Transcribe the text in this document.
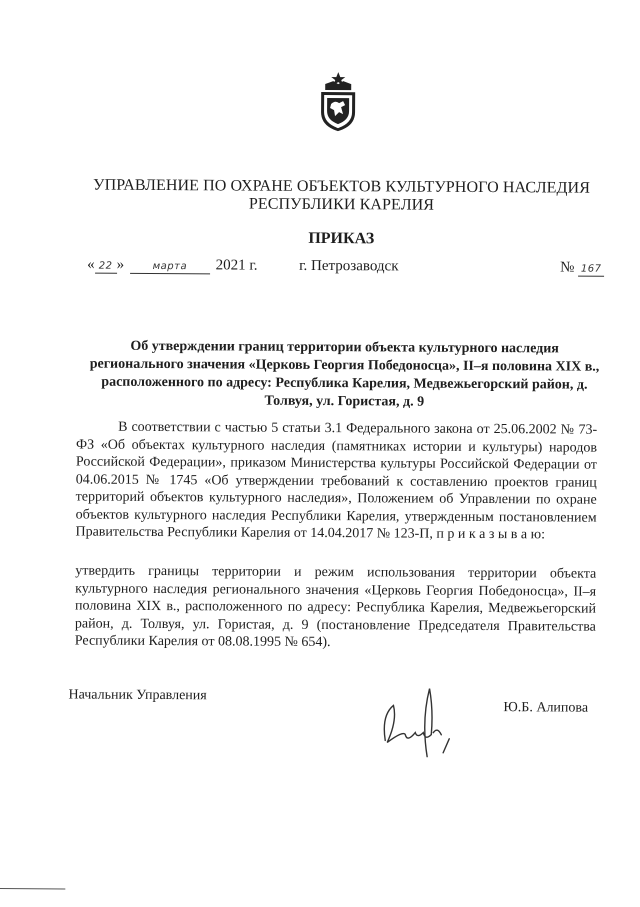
УПРАВЛЕНИЕ ПО ОХРАНЕ ОБЪЕКТОВ КУЛЬТУРНОГО НАСЛЕДИЯ
РЕСПУБЛИКИ КАРЕЛИЯ
ПРИКАЗ
« 22 » марта 2021 г.	г. Петрозаводск	№ 167
Об утверждении границ территории объекта культурного наследия регионального значения «Церковь Георгия Победоносца», II–я половина XIX в., расположенного по адресу: Республика Карелия, Медвежьегорский район, д. Толвуя, ул. Гористая, д. 9
В соответствии с частью 5 статьи 3.1 Федерального закона от 25.06.2002 № 73-ФЗ «Об объектах культурного наследия (памятниках истории и культуры) народов Российской Федерации», приказом Министерства культуры Российской Федерации от 04.06.2015 № 1745 «Об утверждении требований к составлению проектов границ территорий объектов культурного наследия», Положением об Управлении по охране объектов культурного наследия Республики Карелия, утвержденным постановлением Правительства Республики Карелия от 14.04.2017 № 123-П, п р и к а з ы в а ю:
утвердить границы территории и режим использования территории объекта культурного наследия регионального значения «Церковь Георгия Победоносца», II–я половина XIX в., расположенного по адресу: Республика Карелия, Медвежьегорский район, д. Толвуя, ул. Гористая, д. 9 (постановление Председателя Правительства Республики Карелия от 08.08.1995 № 654).
Начальник Управления
Ю.Б. Алипова
